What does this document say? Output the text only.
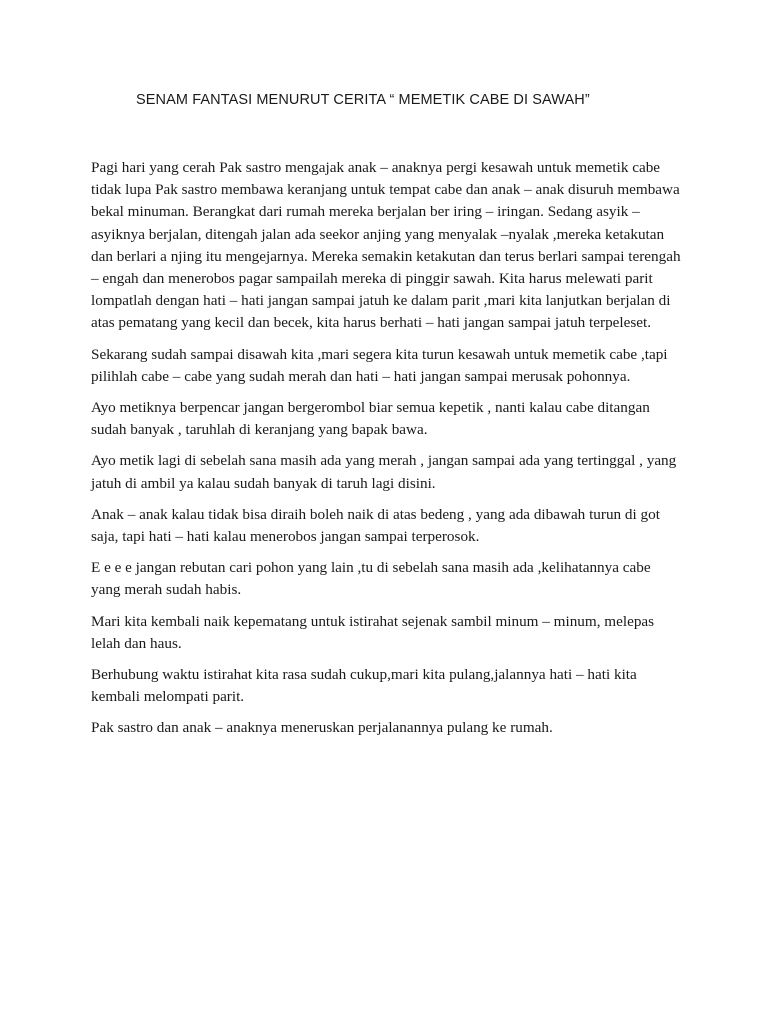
SENAM FANTASI MENURUT CERITA “ MEMETIK CABE DI SAWAH”

Pagi hari yang cerah Pak sastro mengajak anak – anaknya pergi kesawah untuk memetik cabe tidak lupa Pak sastro membawa keranjang untuk tempat cabe dan anak – anak disuruh membawa bekal minuman. Berangkat dari rumah mereka berjalan ber iring – iringan. Sedang asyik – asyiknya berjalan, ditengah jalan ada seekor anjing yang menyalak –nyalak ,mereka ketakutan dan berlari a njing itu mengejarnya. Mereka semakin ketakutan dan terus berlari sampai terengah – engah dan menerobos pagar sampailah mereka di pinggir sawah. Kita harus melewati parit lompatlah dengan hati – hati jangan sampai jatuh ke dalam parit ,mari kita lanjutkan berjalan di atas pematang yang kecil dan becek, kita harus berhati – hati jangan sampai jatuh terpeleset.

Sekarang sudah sampai disawah kita ,mari segera kita turun kesawah untuk memetik cabe ,tapi pilihlah cabe – cabe yang sudah merah dan hati – hati jangan sampai merusak pohonnya.

Ayo metiknya berpencar jangan bergerombol biar semua kepetik , nanti kalau cabe ditangan sudah banyak , taruhlah di keranjang yang bapak bawa.

Ayo metik lagi di sebelah sana masih ada yang merah , jangan sampai ada yang tertinggal , yang jatuh di ambil ya kalau sudah banyak di taruh lagi disini.

Anak – anak kalau tidak bisa diraih boleh naik di atas bedeng , yang ada dibawah turun di got saja, tapi hati – hati kalau menerobos jangan sampai terperosok.

E e e e jangan rebutan cari pohon yang lain ,tu di sebelah sana masih ada ,kelihatannya cabe yang merah sudah habis.

Mari kita kembali naik kepematang untuk istirahat sejenak sambil minum – minum, melepas lelah dan haus.

Berhubung waktu istirahat kita rasa sudah cukup,mari kita pulang,jalannya hati – hati kita kembali melompati parit.

Pak sastro dan anak – anaknya meneruskan perjalanannya pulang ke rumah.
